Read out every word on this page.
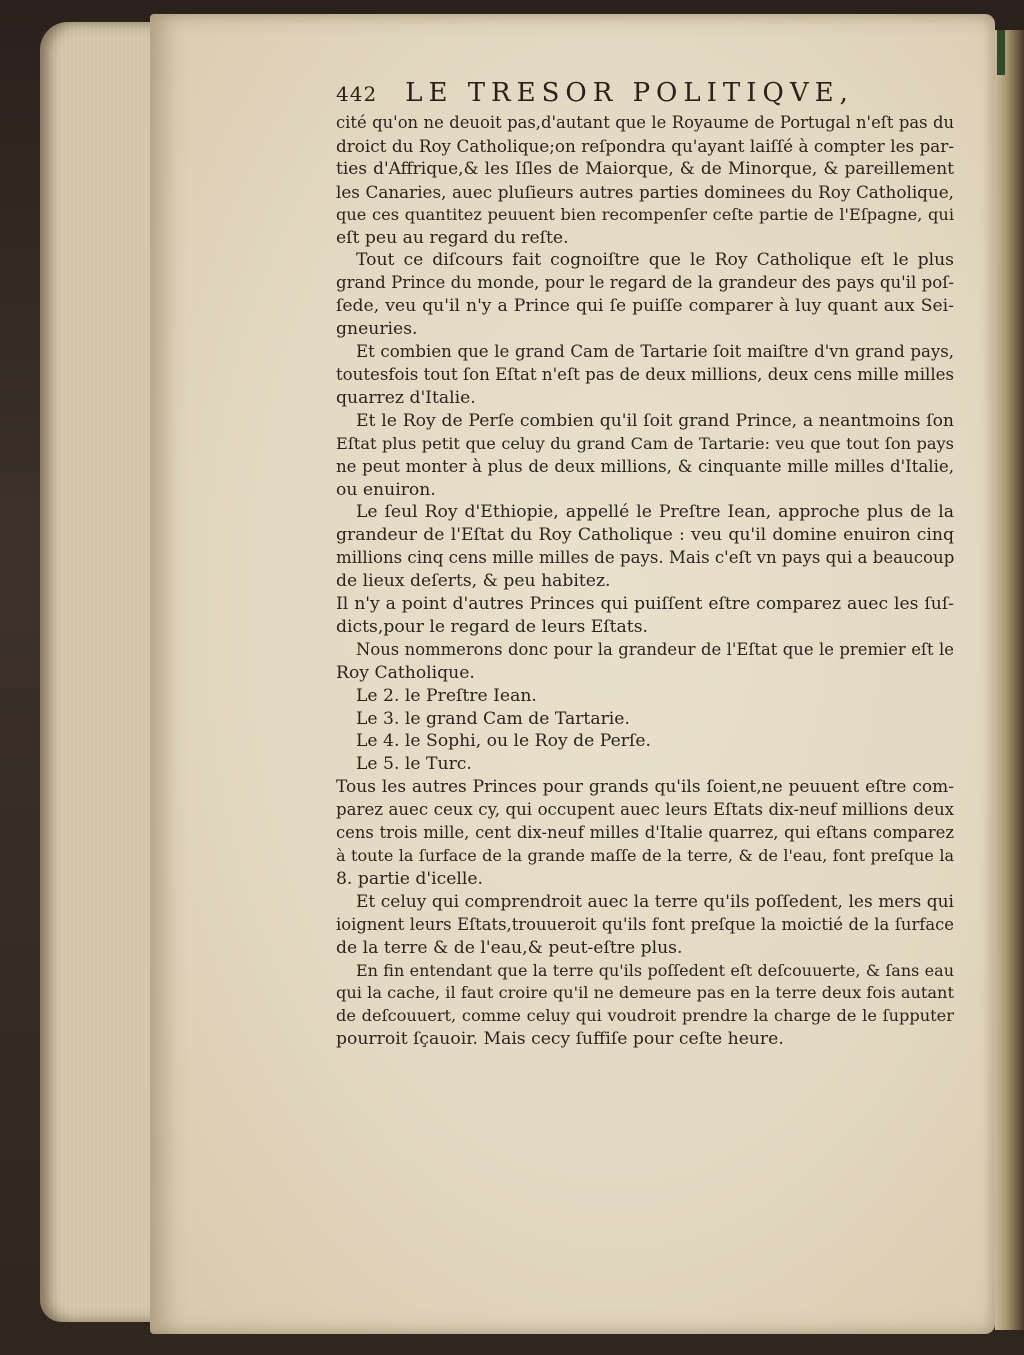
442 LE TRESOR POLITIQVE,
cité qu'on ne deuoit pas,d'autant que le Royaume de Portugal n'eſt pas du
droict du Roy Catholique;on reſpondra qu'ayant laiſſé à compter les par-
ties d'Affrique,& les Iſles de Maiorque, & de Minorque, & pareillement
les Canaries, auec pluſieurs autres parties dominees du Roy Catholique,
que ces quantitez peuuent bien recompenſer ceſte partie de l'Eſpagne, qui
eſt peu au regard du reſte.
Tout ce diſcours fait cognoiſtre que le Roy Catholique eſt le plus
grand Prince du monde, pour le regard de la grandeur des pays qu'il poſ-
ſede, veu qu'il n'y a Prince qui ſe puiſſe comparer à luy quant aux Sei-
gneuries.
Et combien que le grand Cam de Tartarie ſoit maiſtre d'vn grand pays,
toutesfois tout ſon Eſtat n'eſt pas de deux millions, deux cens mille milles
quarrez d'Italie.
Et le Roy de Perſe combien qu'il ſoit grand Prince, a neantmoins ſon
Eſtat plus petit que celuy du grand Cam de Tartarie: veu que tout ſon pays
ne peut monter à plus de deux millions, & cinquante mille milles d'Italie,
ou enuiron.
Le ſeul Roy d'Ethiopie, appellé le Preſtre Iean, approche plus de la
grandeur de l'Eſtat du Roy Catholique : veu qu'il domine enuiron cinq
millions cinq cens mille milles de pays. Mais c'eſt vn pays qui a beaucoup
de lieux deſerts, & peu habitez.
Il n'y a point d'autres Princes qui puiſſent eſtre comparez auec les ſuſ-
dicts,pour le regard de leurs Eſtats.
Nous nommerons donc pour la grandeur de l'Eſtat que le premier eſt le
Roy Catholique.
Le 2. le Preſtre Iean.
Le 3. le grand Cam de Tartarie.
Le 4. le Sophi, ou le Roy de Perſe.
Le 5. le Turc.
Tous les autres Princes pour grands qu'ils ſoient,ne peuuent eſtre com-
parez auec ceux cy, qui occupent auec leurs Eſtats dix-neuf millions deux
cens trois mille, cent dix-neuf milles d'Italie quarrez, qui eſtans comparez
à toute la ſurface de la grande maſſe de la terre, & de l'eau, font preſque la
8. partie d'icelle.
Et celuy qui comprendroit auec la terre qu'ils poſſedent, les mers qui
ioignent leurs Eſtats,trouueroit qu'ils font preſque la moictié de la ſurface
de la terre & de l'eau,& peut-eſtre plus.
En fin entendant que la terre qu'ils poſſedent eſt deſcouuerte, & ſans eau
qui la cache, il faut croire qu'il ne demeure pas en la terre deux fois autant
de deſcouuert, comme celuy qui voudroit prendre la charge de le ſupputer
pourroit ſçauoir. Mais cecy ſuffiſe pour ceſte heure.
